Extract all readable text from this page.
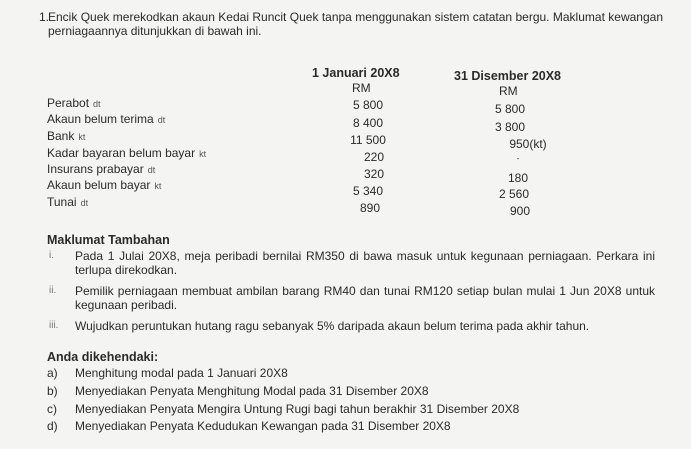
1.
Encik Quek merekodkan akaun Kedai Runcit Quek tanpa menggunakan sistem catatan bergu. Maklumat kewangan perniagaannya ditunjukkan di bawah ini.
1 Januari 20X8
RM
31 Disember 20X8
RM
Perabot dt	5 800	5 800
Akaun belum terima dt	8 400	3 800
Bank kt	11 500	950(kt)
Kadar bayaran belum bayar kt	220	-
Insurans prabayar dt	320	180
Akaun belum bayar kt	5 340	2 560
Tunai dt	890	900
Maklumat Tambahan
i. Pada 1 Julai 20X8, meja peribadi bernilai RM350 di bawa masuk untuk kegunaan perniagaan. Perkara ini terlupa direkodkan.
ii. Pemilik perniagaan membuat ambilan barang RM40 dan tunai RM120 setiap bulan mulai 1 Jun 20X8 untuk kegunaan peribadi.
iii. Wujudkan peruntukan hutang ragu sebanyak 5% daripada akaun belum terima pada akhir tahun.
Anda dikehendaki:
a) Menghitung modal pada 1 Januari 20X8
b) Menyediakan Penyata Menghitung Modal pada 31 Disember 20X8
c) Menyediakan Penyata Mengira Untung Rugi bagi tahun berakhir 31 Disember 20X8
d) Menyediakan Penyata Kedudukan Kewangan pada 31 Disember 20X8
